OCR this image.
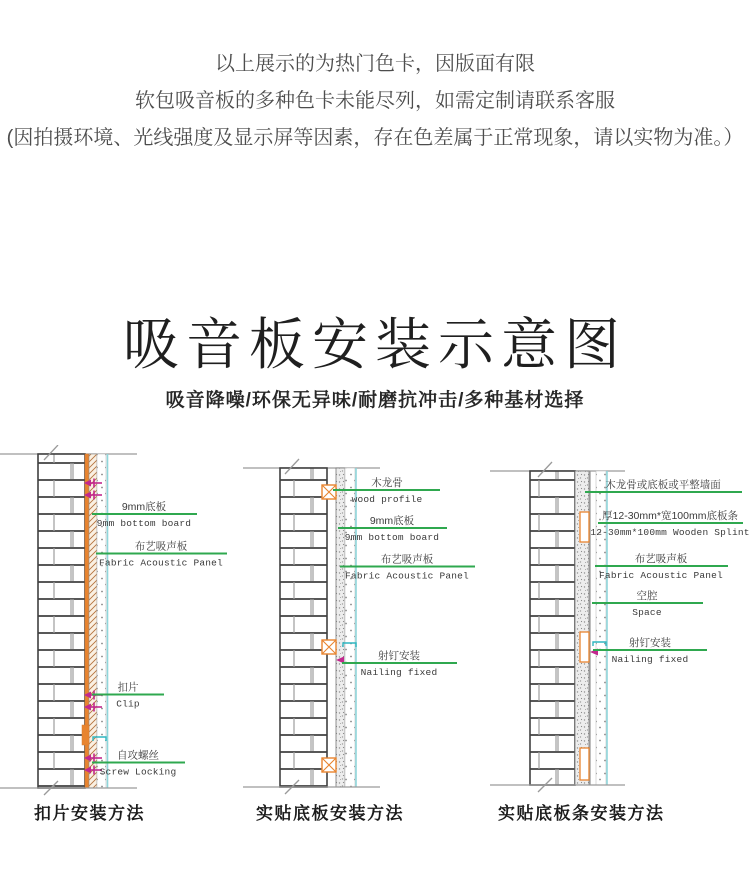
以上展示的为热门色卡，因版面有限
软包吸音板的多种色卡未能尽列，如需定制请联系客服
(因拍摄环境、光线强度及显示屏等因素，存在色差属于正常现象，请以实物为准。）
吸音板安装示意图
吸音降噪/环保无异味/耐磨抗冲击/多种基材选择
9mm底板
9mm bottom board
布艺吸声板
Fabric Acoustic Panel
扣片
Clip
自攻螺丝
Screw Locking
木龙骨
wood profile
9mm底板
9mm bottom board
布艺吸声板
Fabric Acoustic Panel
射钉安装
Nailing fixed
木龙骨或底板或平整墙面
厚12-30mm*宽100mm底板条
12-30mm*100mm Wooden Splint
布艺吸声板
Fabric Acoustic Panel
空腔
Space
射钉安装
Nailing fixed
扣片安装方法	实贴底板安装方法	实贴底板条安装方法
